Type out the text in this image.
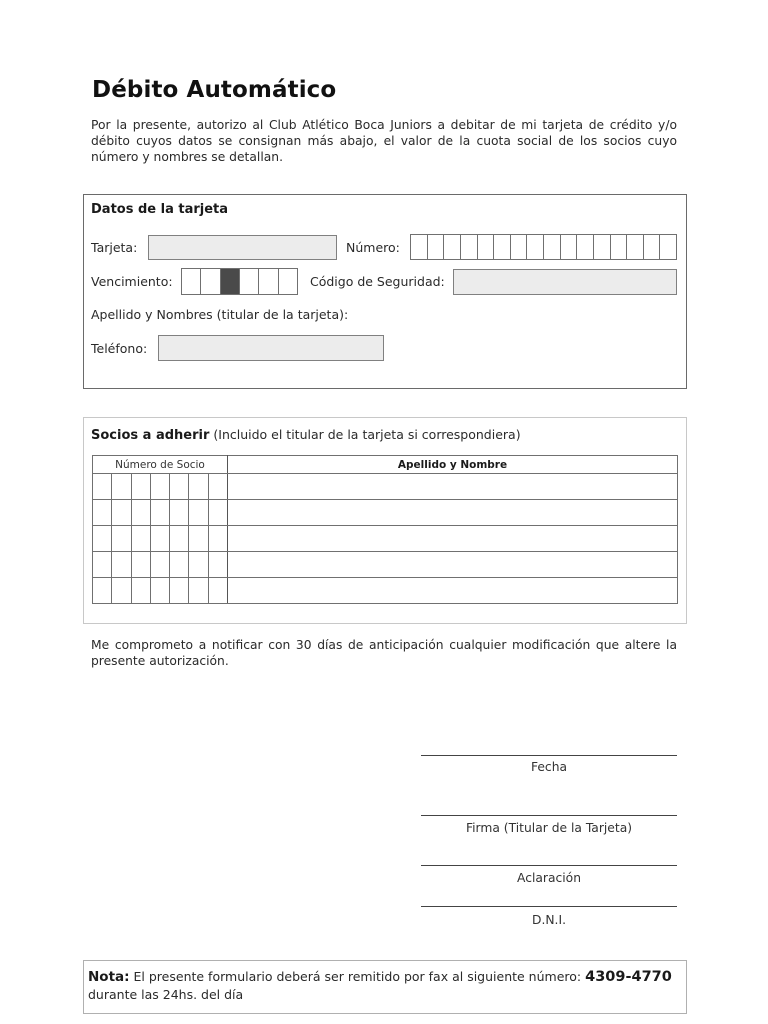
Débito Automático
Por la presente, autorizo al Club Atlético Boca Juniors a debitar de mi tarjeta de crédito y/o débito cuyos datos se consignan más abajo, el valor de la cuota social de los socios cuyo número y nombres se detallan.
Datos de la tarjeta
Tarjeta:	Número:
Vencimiento:	Código de Seguridad:
Apellido y Nombres (titular de la tarjeta):
Teléfono:
Socios a adherir (Incluido el titular de la tarjeta si correspondiera)
Número de Socio	Apellido y Nombre

Me comprometo a notificar con 30 días de anticipación cualquier modificación que altere la presente autorización.
Fecha
Firma (Titular de la Tarjeta)
Aclaración
D.N.I.
Nota: El presente formulario deberá ser remitido por fax al siguiente número: 4309-4770
durante las 24hs. del día
